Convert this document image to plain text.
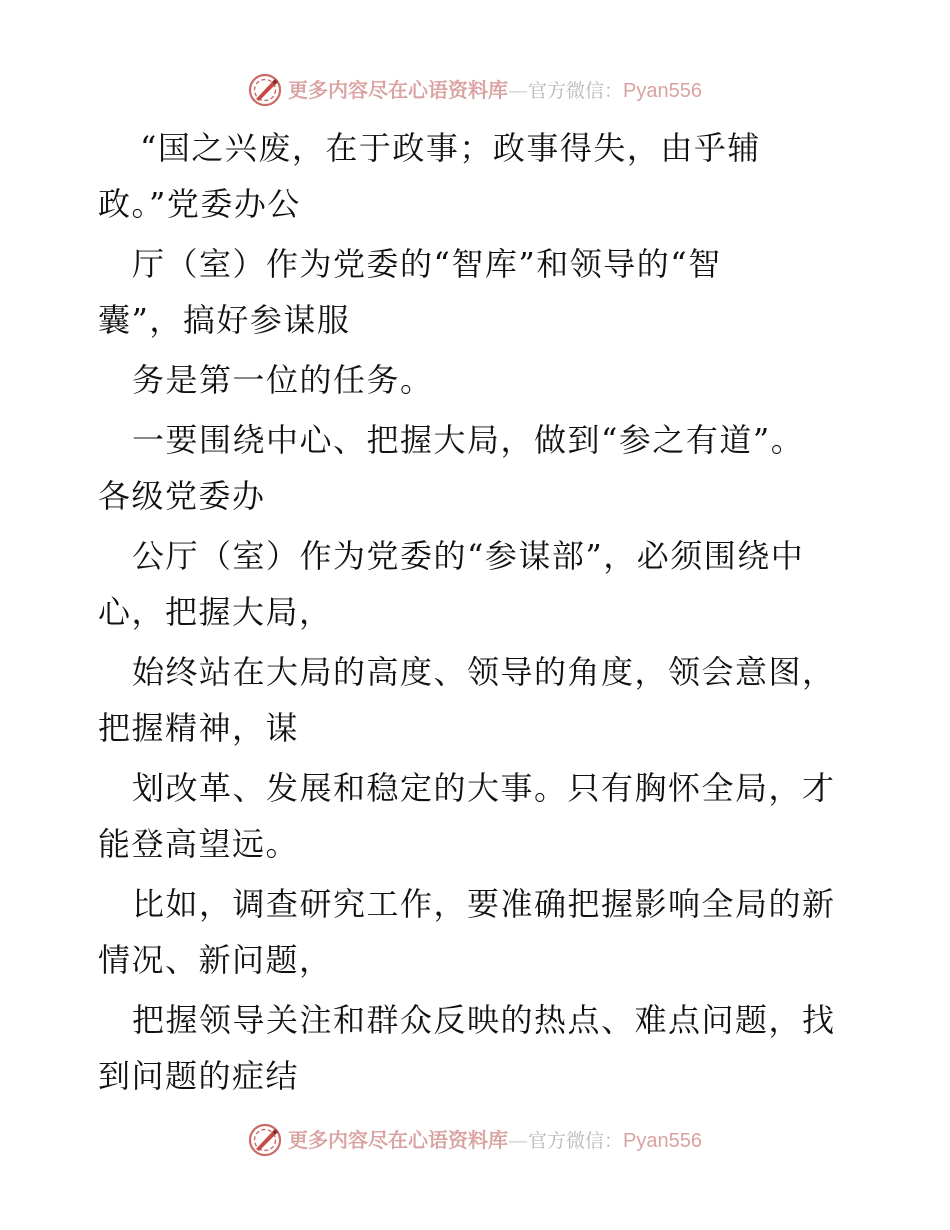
更多内容尽在心语资料库—官方微信：Pyan556
“国之兴废，在于政事；政事得失，由乎辅
政。”党委办公
厅（室）作为党委的“智库”和领导的“智
囊”，搞好参谋服
务是第一位的任务。
一要围绕中心、把握大局，做到“参之有道”。
各级党委办
公厅（室）作为党委的“参谋部”，必须围绕中
心，把握大局，
始终站在大局的高度、领导的角度，领会意图，
把握精神，谋
划改革、发展和稳定的大事。只有胸怀全局，才
能登高望远。
比如，调查研究工作，要准确把握影响全局的新
情况、新问题，
把握领导关注和群众反映的热点、难点问题，找
到问题的症结
更多内容尽在心语资料库—官方微信：Pyan556
